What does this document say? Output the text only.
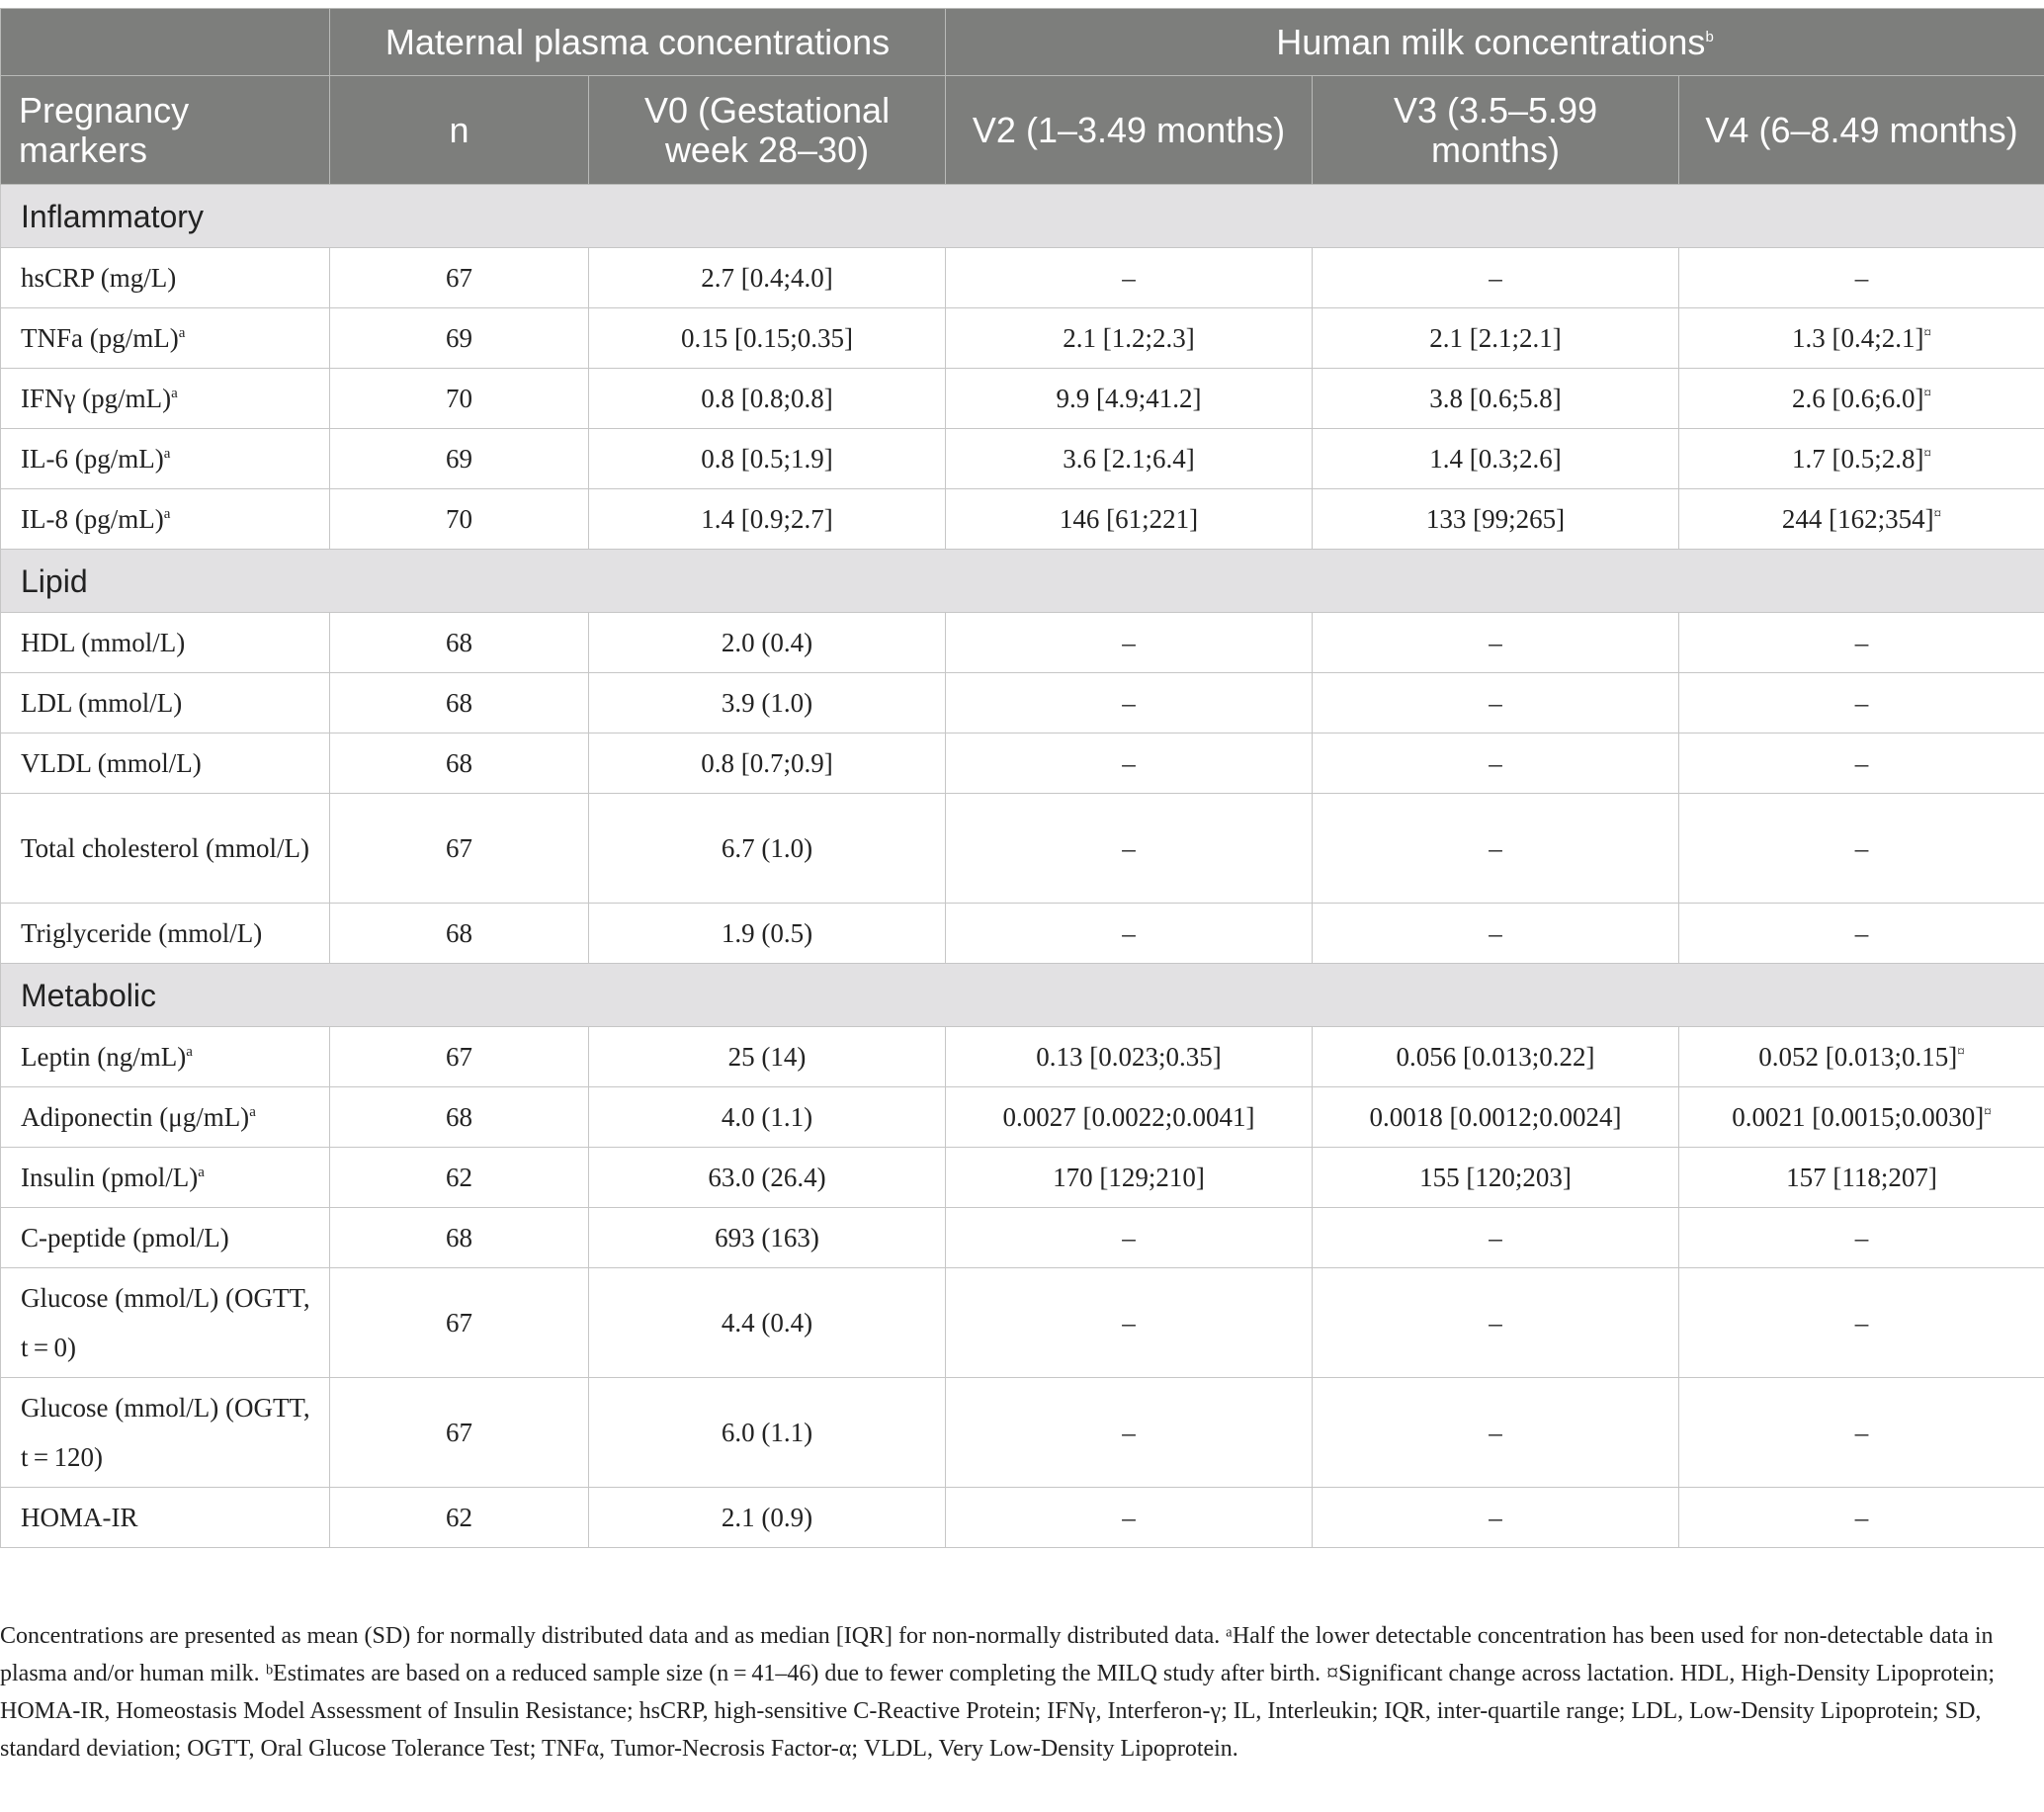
	Maternal plasma concentrations		Human milk concentrations$^b$
Pregnancy markers	n	V0 (Gestational week 28–30)	V2 (1–3.49 months)	V3 (3.5–5.99 months)	V4 (6–8.49 months)
Inflammatory					
hsCRP (mg/L)	67	2.7 [0.4;4.0]	–	–	–
TNFa $(pg/mL)^a$	69	0.15 [0.15;0.35]	2.1 [1.2;2.3]	2.1 [2.1;2.1]	1.3 [0.4;2.1]¤
IFNγ $(pg/mL)^a$	70	0.8 [0.8;0.8]	9.9 [4.9;41.2]	3.8 [0.6;5.8]	2.6 [0.6;6.0]¤
IL-6 $(pg/mL)^a$	69	0.8 [0.5;1.9]	3.6 [2.1;6.4]	1.4 [0.3;2.6]	1.7 [0.5;2.8]¤
IL-8 $(pg/mL)^a$	70	1.4 [0.9;2.7]	146 [61;221]	133 [99;265]	244 [162;354]¤
Lipid					
HDL (mmol/L)	68	2.0 (0.4)	–	–	–
LDL (mmol/L)	68	3.9 (1.0)	–	–	–
VLDL (mmol/L)	68	0.8 [0.7;0.9]	–	–	–
Total cholesterol (mmol/L)	67	6.7 (1.0)	–	–	–
Triglyceride (mmol/L)	68	1.9 (0.5)	–	–	–
Metabolic					
Leptin $(ng/mL)^a$	67	25 (14)	0.13 [0.023;0.35]	0.056 [0.013;0.22]	0.052 [0.013;0.15]¤
Adiponectin $(\mu g/mL)^a$	68	4.0 (1.1)	0.0027 [0.0022;0.0041]	0.0018 [0.0012;0.0024]	0.0021 [0.0015;0.0030]¤
Insulin (pmol/L)$^a$	62	63.0 (26.4)	170 [129;210]	155 [120;203]	157 [118;207]
C-peptide (pmol/L)	68	693 (163)	–	–	–
Glucose (mmol/L) (OGTT, t = 0)	67	4.4 (0.4)	–	–	–
Glucose (mmol/L) (OGTT, t = 120)	67	6.0 (1.1)	–	–	–
HOMA-IR	62	2.1 (0.9)	–	–	–
Concentrations are presented as mean (SD) for normally distributed data and as median [IQR] for non-normally distributed data. ᵃHalf the lower detectable concentration has been used for non-detectable data in plasma and/or human milk. ᵇEstimates are based on a reduced sample size (n = 41–46) due to fewer completing the MILQ study after birth. ¤Significant change across lactation. HDL, High-Density Lipoprotein; HOMA-IR, Homeostasis Model Assessment of Insulin Resistance; hsCRP, high-sensitive C-Reactive Protein; IFNγ, Interferon-γ; IL, Interleukin; IQR, inter-quartile range; LDL, Low-Density Lipoprotein; SD, standard deviation; OGTT, Oral Glucose Tolerance Test; TNFα, Tumor-Necrosis Factor-α; VLDL, Very Low-Density Lipoprotein.
